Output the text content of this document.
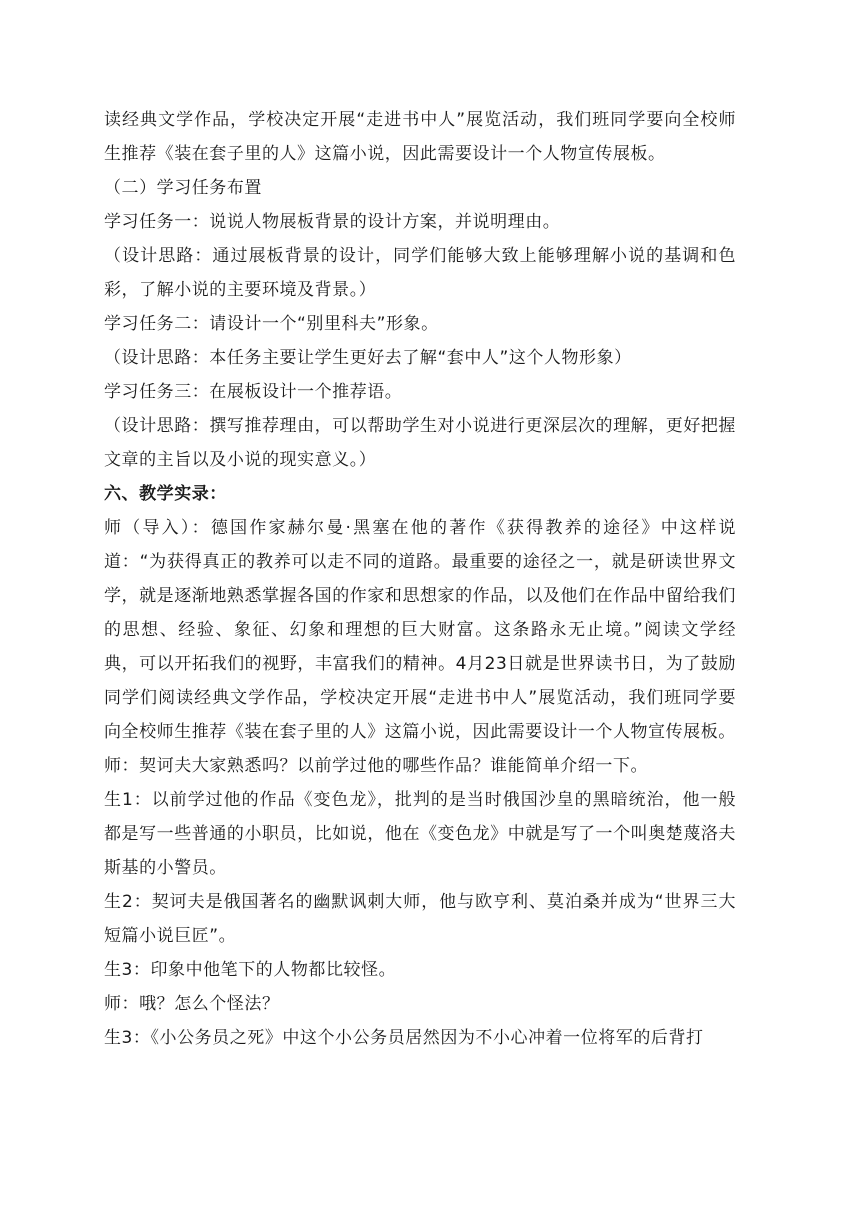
读经典文学作品，学校决定开展“走进书中人”展览活动，我们班同学要向全校师生推荐《装在套子里的人》这篇小说，因此需要设计一个人物宣传展板。

（二）学习任务布置

学习任务一：说说人物展板背景的设计方案，并说明理由。

（设计思路：通过展板背景的设计，同学们能够大致上能够理解小说的基调和色彩，了解小说的主要环境及背景。）

学习任务二：请设计一个“别里科夫”形象。

（设计思路：本任务主要让学生更好去了解“套中人”这个人物形象）

学习任务三：在展板设计一个推荐语。

（设计思路：撰写推荐理由，可以帮助学生对小说进行更深层次的理解，更好把握文章的主旨以及小说的现实意义。）

六、教学实录：

师（导入）：德国作家赫尔曼·黑塞在他的著作《获得教养的途径》中这样说道：“为获得真正的教养可以走不同的道路。最重要的途径之一，就是研读世界文学，就是逐渐地熟悉掌握各国的作家和思想家的作品，以及他们在作品中留给我们的思想、经验、象征、幻象和理想的巨大财富。这条路永无止境。”阅读文学经典，可以开拓我们的视野，丰富我们的精神。4月23日就是世界读书日，为了鼓励同学们阅读经典文学作品，学校决定开展“走进书中人”展览活动，我们班同学要向全校师生推荐《装在套子里的人》这篇小说，因此需要设计一个人物宣传展板。

师：契诃夫大家熟悉吗？以前学过他的哪些作品？谁能简单介绍一下。

生1：以前学过他的作品《变色龙》，批判的是当时俄国沙皇的黑暗统治，他一般都是写一些普通的小职员，比如说，他在《变色龙》中就是写了一个叫奥楚蔑洛夫斯基的小警员。

生2：契诃夫是俄国著名的幽默讽刺大师，他与欧亨利、莫泊桑并成为“世界三大短篇小说巨匠”。

生3：印象中他笔下的人物都比较怪。

师：哦？怎么个怪法？

生3：《小公务员之死》中这个小公务员居然因为不小心冲着一位将军的后背打
